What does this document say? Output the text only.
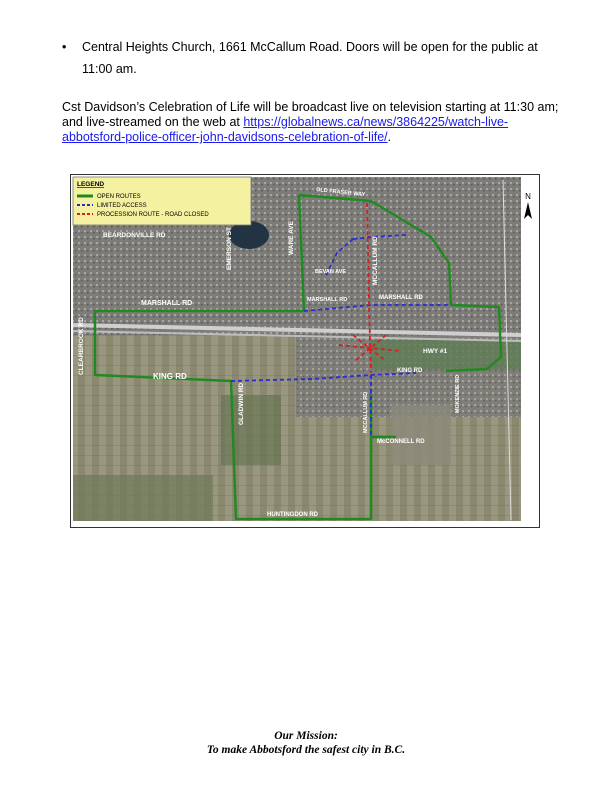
• Central Heights Church, 1661 McCallum Road. Doors will be open for the public at 11:00 am.
Cst Davidson’s Celebration of Life will be broadcast live on television starting at 11:30 am; and live-streamed on the web at https://globalnews.ca/news/3864225/watch-live-abbotsford-police-officer-john-davidsons-celebration-of-life/.
N
LEGEND
OPEN ROUTES
LIMITED ACCESS
PROCESSION ROUTE - ROAD CLOSED
BEARDONVILLE RD	EMERSON ST	WARE AVE
BEVAN AVE	MCCALLUM RD
OLD FRASER WAY
MARSHALL RD	MARSHALL RD	MARSHALL RD
CLEARBROOK RD	HWY #1
KING RD
KING RD
GLADWIN RD	MCCALLUM RD
McCONNELL RD
MCKENZIE RD
HUNTINGDON RD
Our Mission:
To make Abbotsford the safest city in B.C.
